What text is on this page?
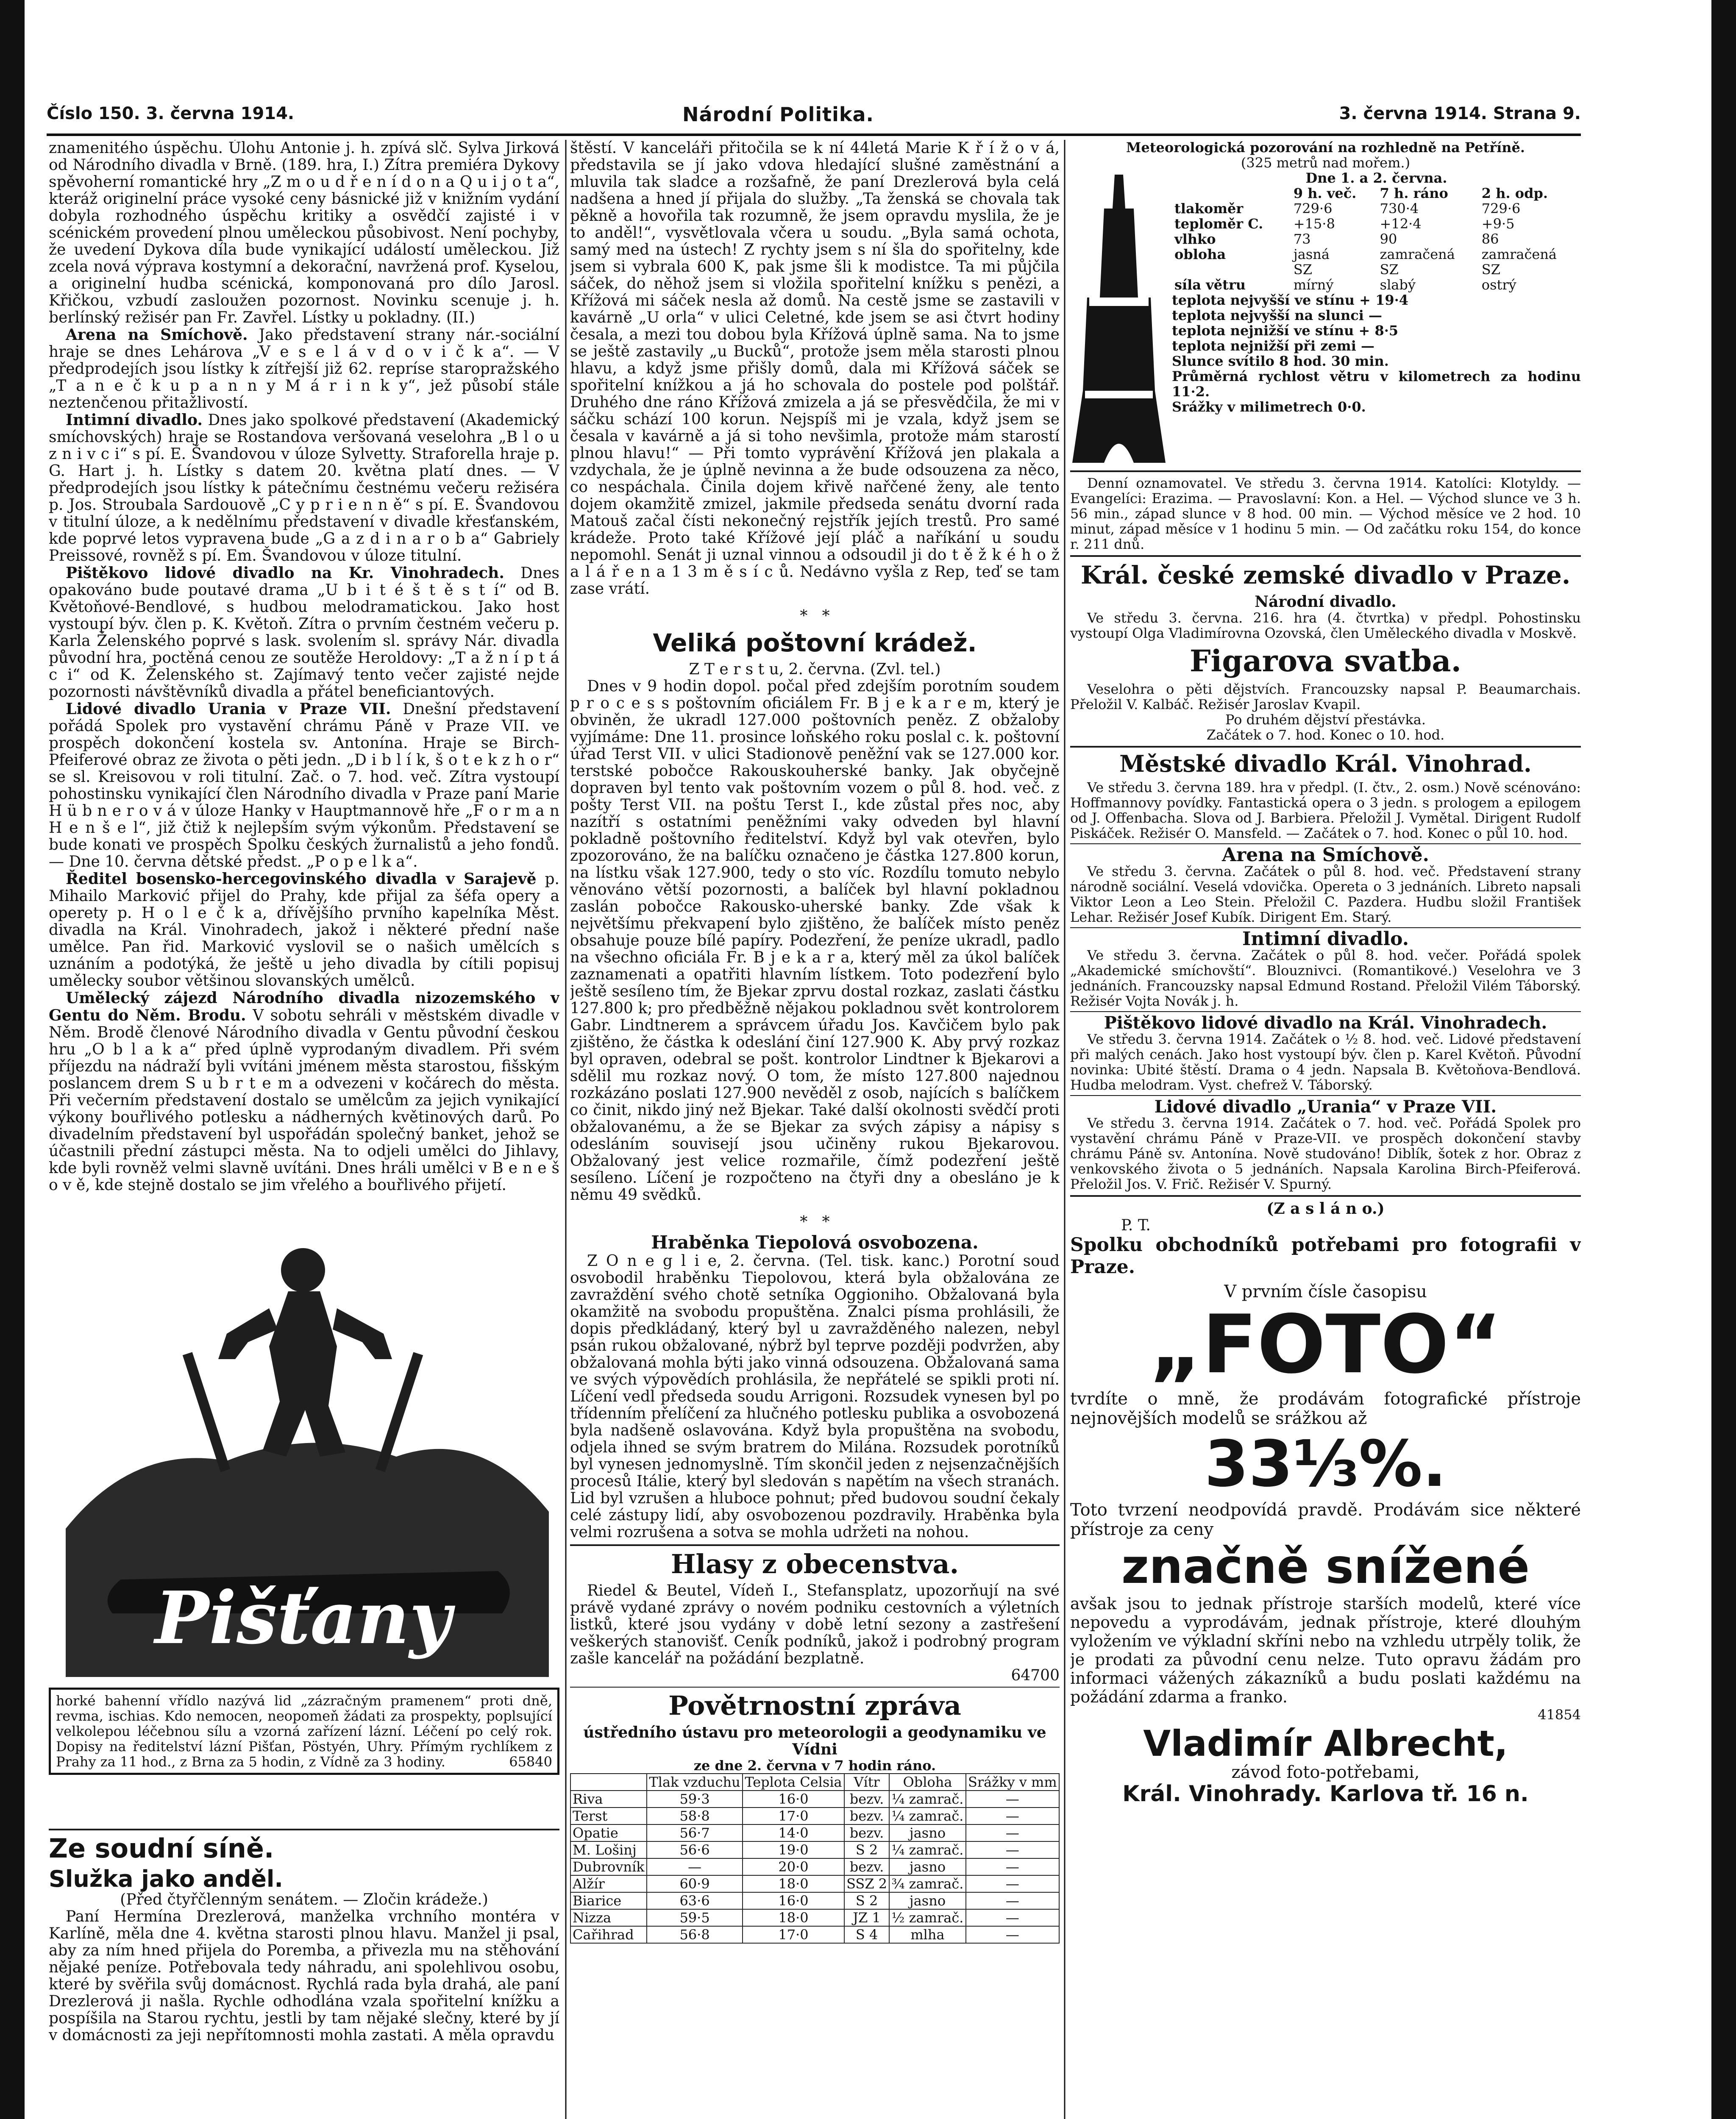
Číslo 150. 3. června 1914.	Národní Politika.	3. června 1914. Strana 9.

znamenitého úspěchu. Úlohu Antonie j. h. zpívá slč. Sylva Jirková od Národního divadla v Brně. (189. hra, I.) Zítra premiéra Dykovy spěvoherní romantické hry „Z m o u d ř e n í d o n a Q u i j o t a“, kteráž originelní práce vysoké ceny básnické již v knižním vydání dobyla rozhodného úspěchu kritiky a osvědčí zajisté i v scénickém provedení plnou uměleckou působivost. Není pochyby, že uvedení Dykova díla bude vynikající událostí uměleckou. Již zcela nová výprava kostymní a dekorační, navržená prof. Kyselou, a originelní hudba scénická, komponovaná pro dílo Jarosl. Křičkou, vzbudí zasloužen pozornost. Novinku scenuje j. h. berlínský režisér pan Fr. Zavřel. Lístky u pokladny. (II.)

Arena na Smíchově. Jako představení strany nár.-sociální hraje se dnes Lehárova „V e s e l á v d o v i č k a“. — V předprodejích jsou lístky k zítřejší již 62. repríse staropražského „T a n e č k u p a n n y M á r i n k y“, jež působí stále neztenčenou přitažlivostí.

Intimní divadlo. Dnes jako spolkové představení (Akademický smíchovských) hraje se Rostandova veršovaná veselohra „B l o u z n i v c i“ s pí. E. Švandovou v úloze Sylvetty. Straforella hraje p. G. Hart j. h. Lístky s datem 20. května platí dnes. — V předprodejích jsou lístky k pátečnímu čestnému večeru režiséra p. Jos. Stroubala Sardouově „C y p r i e n n ě“ s pí. E. Švandovou v titulní úloze, a k nedělnímu představení v divadle křesťanském, kde poprvé letos vypravena bude „G a z d i n a r o b a“ Gabriely Preissové, rovněž s pí. Em. Švandovou v úloze titulní.

Pištěkovo lidové divadlo na Kr. Vinohradech. Dnes opakováno bude poutavé drama „U b i t é š t ě s t í“ od B. Květoňové-Bendlové, s hudbou melodramatickou. Jako host vystoupí býv. člen p. K. Květoň. Zítra o prvním čestném večeru p. Karla Želenského poprvé s lask. svolením sl. správy Nár. divadla původní hra, poctěná cenou ze soutěže Heroldovy: „T a ž n í p t á c i“ od K. Želenského st. Zajímavý tento večer zajisté nejde pozornosti návštěvníků divadla a přátel beneficiantových.

Lidové divadlo Urania v Praze VII. Dnešní představení pořádá Spolek pro vystavění chrámu Páně v Praze VII. ve prospěch dokončení kostela sv. Antonína. Hraje se Birch-Pfeiferové obraz ze života o pěti jedn. „D i b l í k, š o t e k z h o r“ se sl. Kreisovou v roli titulní. Zač. o 7. hod. več. Zítra vystoupí pohostinsku vynikající člen Národního divadla v Praze paní Marie H ü b n e r o v á v úloze Hanky v Hauptmannově hře „F o r m a n H e n š e l“, již čtiž k nejlepším svým výkonům. Představení se bude konati ve prospěch Spolku českých žurnalistů a jeho fondů. — Dne 10. června dětské předst. „P o p e l k a“.

Ředitel bosensko-hercegovinského divadla v Sarajevě p. Mihailo Marković přijel do Prahy, kde přijal za šéfa opery a operety p. H o l e č k a, dřívějšího prvního kapelníka Měst. divadla na Král. Vinohradech, jakož i některé přední naše umělce. Pan řid. Marković vyslovil se o našich umělcích s uznáním a podotýká, že ještě u jeho divadla by cítili popisuj umělecky soubor většinou slovanských umělců.

Umělecký zájezd Národního divadla nizozemského v Gentu do Něm. Brodu. V sobotu sehráli v městském divadle v Něm. Brodě členové Národního divadla v Gentu původní českou hru „O b l a k a“ před úplně vyprodaným divadlem. Při svém příjezdu na nádraží byli vvítáni jménem města starostou, fišským poslancem drem S u b r t e m a odvezeni v kočárech do města. Při večerním představení dostalo se umělcům za jejich vynikající výkony bouřlivého potlesku a nádherných květinových darů. Po divadelním představení byl uspořádán společný banket, jehož se účastnili přední zástupci města. Na to odjeli umělci do Jihlavy, kde byli rovněž velmi slavně uvítáni. Dnes hráli umělci v B e n e š o v ě, kde stejně dostalo se jim vřelého a bouřlivého přijetí.

Pišťany
horké bahenní vřídlo nazývá lid „zázračným pramenem“ proti dně, revma, ischias. Kdo nemocen, neopomeň žádati za prospekty, poplsující velkolepou léčebnou sílu a vzorná zařízení lázní. Léčení po celý rok. Dopisy na ředitelství lázní Pišťan, Pöstyén, Uhry. Přímým rychlíkem z Prahy za 11 hod., z Brna za 5 hodin, z Vídně za 3 hodiny.	65840
Ze soudní síně.
Služka jako anděl.

(Před čtyřčlenným senátem. — Zločin krádeže.)

Paní Hermína Drezlerová, manželka vrchního montéra v Karlíně, měla dne 4. května starosti plnou hlavu. Manžel ji psal, aby za ním hned přijela do Poremba, a přivezla mu na stěhování nějaké peníze. Potřebovala tedy náhradu, ani spolehlivou osobu, které by svěřila svůj domácnost. Rychlá rada byla drahá, ale paní Drezlerová ji našla. Rychle odhodlána vzala spořitelní knížku a pospíšila na Starou rychtu, jestli by tam nějaké slečny, které by jí v domácnosti za jeji nepřítomnosti mohla zastati. A měla opravdu

štěstí. V kanceláři přitočila se k ní 44letá Marie K ř í ž o v á, představila se jí jako vdova hledající slušné zaměstnání a mluvila tak sladce a rozšafně, že paní Drezlerová byla celá nadšena a hned jí přijala do služby. „Ta ženská se chovala tak pěkně a hovořila tak rozumně, že jsem opravdu myslila, že je to anděl!“, vysvětlovala včera u soudu. „Byla samá ochota, samý med na ústech! Z rychty jsem s ní šla do spořitelny, kde jsem si vybrala 600 K, pak jsme šli k modistce. Ta mi půjčila sáček, do něhož jsem si vložila spořitelní knížku s penězi, a Křížová mi sáček nesla až domů. Na cestě jsme se zastavili v kavárně „U orla“ v ulici Celetné, kde jsem se asi čtvrt hodiny česala, a mezi tou dobou byla Křížová úplně sama. Na to jsme se ještě zastavily „u Bucků“, protože jsem měla starosti plnou hlavu, a když jsme přišly domů, dala mi Křížová sáček se spořitelní knížkou a já ho schovala do postele pod polštář. Druhého dne ráno Křížová zmizela a já se přesvědčila, že mi v sáčku schází 100 korun. Nejspíš mi je vzala, když jsem se česala v kavárně a já si toho nevšimla, protože mám starostí plnou hlavu!“ — Při tomto vyprávění Křížová jen plakala a vzdychala, že je úplně nevinna a že bude odsouzena za něco, co nespáchala. Činila dojem křivě nařčené ženy, ale tento dojem okamžitě zmizel, jakmile předseda senátu dvorní rada Matouš začal čísti nekonečný rejstřík jejích trestů. Pro samé krádeže. Proto také Křížové její pláč a naříkání u soudu nepomohl. Senát ji uznal vinnou a odsoudil ji do t ě ž k é h o ž a l á ř e n a 1 3 m ě s í c ů. Nedávno vyšla z Rep, teď se tam zase vrátí.

*   *
Veliká poštovní krádež.

Z T e r s t u, 2. června. (Zvl. tel.)

Dnes v 9 hodin dopol. počal před zdejším porotním soudem p r o c e s s poštovním oficiálem Fr. B j e k a r e m, který je obviněn, že ukradl 127.000 poštovních peněz. Z obžaloby vyjímáme: Dne 11. prosince loňského roku poslal c. k. poštovní úřad Terst VII. v ulici Stadionově peněžní vak se 127.000 kor. terstské pobočce Rakouskouherské banky. Jak obyčejně dopraven byl tento vak poštovním vozem o půl 8. hod. več. z pošty Terst VII. na poštu Terst I., kde zůstal přes noc, aby nazítří s ostatními peněžními vaky odveden byl hlavní pokladně poštovního ředitelství. Když byl vak otevřen, bylo zpozorováno, že na balíčku označeno je částka 127.800 korun, na lístku však 127.900, tedy o sto víc. Rozdílu tomuto nebylo věnováno větší pozornosti, a balíček byl hlavní pokladnou zaslán pobočce Rakousko-uherské banky. Zde však k největšímu překvapení bylo zjištěno, že balíček místo peněz obsahuje pouze bílé papíry. Podezření, že peníze ukradl, padlo na všechno oficiála Fr. B j e k a r a, který měl za úkol balíček zaznamenati a opatřiti hlavním lístkem. Toto podezření bylo ještě sesíleno tím, že Bjekar zprvu dostal rozkaz, zaslati částku 127.800 k; pro předběžně nějakou pokladnou svět kontrolorem Gabr. Lindtnerem a správcem úřadu Jos. Kavčičem bylo pak zjištěno, že částka k odeslání činí 127.900 K. Aby prvý rozkaz byl opraven, odebral se pošt. kontrolor Lindtner k Bjekarovi a sdělil mu rozkaz nový. O tom, že místo 127.800 najednou rozkázáno poslati 127.900 nevěděl z osob, najících s balíčkem co činit, nikdo jiný než Bjekar. Také další okolnosti svědčí proti obžalovanému, a že se Bjekar za svých zápisy a nápisy s odesláním souvisejí jsou učiněny rukou Bjekarovou. Obžalovaný jest velice rozmařile, čímž podezření ještě sesíleno. Líčení je rozpočteno na čtyři dny a obesláno je k němu 49 svědků.

*   *
Hraběnka Tiepolová osvobozena.

Z O n e g l i e, 2. června. (Tel. tisk. kanc.) Porotní soud osvobodil hraběnku Tiepolovou, která byla obžalována ze zavraždění svého chotě setníka Oggioniho. Obžalovaná byla okamžitě na svobodu propuštěna. Znalci písma prohlásili, že dopis předkládaný, který byl u zavražděného nalezen, nebyl psán rukou obžalované, nýbrž byl teprve později podvržen, aby obžalovaná mohla býti jako vinná odsouzena. Obžalovaná sama ve svých výpovědích prohlásila, že nepřátelé se spikli proti ní. Líčení vedl předseda soudu Arrigoni. Rozsudek vynesen byl po třídenním přelíčení za hlučného potlesku publika a osvobozená byla nadšeně oslavována. Když byla propuštěna na svobodu, odjela ihned se svým bratrem do Milána. Rozsudek porotníků byl vynesen jednomyslně. Tím skončil jeden z nejsenzačnějších procesů Itálie, který byl sledován s napětím na všech stranách. Lid byl vzrušen a hluboce pohnut; před budovou soudní čekaly celé zástupy lidí, aby osvobozenou pozdravily. Hraběnka byla velmi rozrušena a sotva se mohla udržeti na nohou.

Hlasy z obecenstva.

Riedel & Beutel, Vídeň I., Stefansplatz, upozorňují na své právě vydané zprávy o novém podniku cestovních a výletních listků, které jsou vydány v době letní sezony a zastřešení veškerých stanovišť. Ceník podníků, jakož i podrobný program zašle kancelář na požádání bezplatně.

64700

Povětrnostní zpráva

ústředního ústavu pro meteorologii a geodynamiku ve Vídni

ze dne 2. června v 7 hodin ráno.

	Tlak vzduchu	Teplota Celsia	Vítr	Obloha	Srážky v mm
Riva	59·3	16·0	bezv.	¼ zamrač.	—
Terst	58·8	17·0	bezv.	¼ zamrač.	—
Opatie	56·7	14·0	bezv.	jasno	—
M. Lošinj	56·6	19·0	S 2	¼ zamrač.	—
Dubrovník	—	20·0	bezv.	jasno	—
Alžír	60·9	18·0	SSZ 2	¾ zamrač.	—
Biarice	63·6	16·0	S 2	jasno	—
Nizza	59·5	18·0	JZ 1	½ zamrač.	—
Cařihrad	56·8	17·0	S 4	mlha	—
Meteorologická pozorování na rozhledně na Petříně.
(325 metrů nad mořem.)
Dne 1. a 2. června.
	9 h. več.	7 h. ráno	2 h. odp.
tlakoměr	729·6	730·4	729·6
teploměr C.	+15·8	+12·4	+9·5
vlhko	73	90	86
obloha	jasná	zamračená	zamračená
	SZ	SZ	SZ
síla větru	mírný	slabý	ostrý
teplota nejvyšší ve stínu + 19·4
teplota nejvyšší na slunci —
teplota nejnižší ve stínu + 8·5
teplota nejnižší při zemi —
Slunce svítilo 8 hod. 30 min.
Průměrná rychlost větru v kilometrech za hodinu 11·2.
Srážky v milimetrech 0·0.

Denní oznamovatel. Ve středu 3. června 1914. Katolíci: Klotyldy. — Evangelíci: Erazima. — Pravoslavní: Kon. a Hel. — Východ slunce ve 3 h. 56 min., západ slunce v 8 hod. 00 min. — Východ měsíce ve 2 hod. 10 minut, západ měsíce v 1 hodinu 5 min. — Od začátku roku 154, do konce r. 211 dnů.

Král. české zemské divadlo v Praze.
Národní divadlo.

Ve středu 3. června. 216. hra (4. čtvrtka) v předpl. Pohostinsku vystoupí Olga Vladimírovna Ozovská, člen Uměleckého divadla v Moskvě.

Figarova svatba.

Veselohra o pěti dějstvích. Francouzsky napsal P. Beaumarchais. Přeložil V. Kalbáč. Režisér Jaroslav Kvapil.

Po druhém dějství přestávka.

Začátek o 7. hod. Konec o 10. hod.

Městské divadlo Král. Vinohrad.

Ve středu 3. června 189. hra v předpl. (I. čtv., 2. osm.) Nově scénováno: Hoffmannovy povídky. Fantastická opera o 3 jedn. s prologem a epilogem od J. Offenbacha. Slova od J. Barbiera. Přeložil J. Vymětal. Dirigent Rudolf Piskáček. Režisér O. Mansfeld. — Začátek o 7. hod. Konec o půl 10. hod.

Arena na Smíchově.

Ve středu 3. června. Začátek o půl 8. hod. več. Představení strany národně sociální. Veselá vdovička. Opereta o 3 jednáních. Libreto napsali Viktor Leon a Leo Stein. Přeložil C. Pazdera. Hudbu složil František Lehar. Režisér Josef Kubík. Dirigent Em. Starý.

Intimní divadlo.

Ve středu 3. června. Začátek o půl 8. hod. večer. Pořádá spolek „Akademické smíchovští“. Blouznivci. (Romantikové.) Veselohra ve 3 jednáních. Francouzsky napsal Edmund Rostand. Přeložil Vilém Táborský. Režisér Vojta Novák j. h.

Pištěkovo lidové divadlo na Král. Vinohradech.

Ve středu 3. června 1914. Začátek o ½ 8. hod. več. Lidové představení při malých cenách. Jako host vystoupí býv. člen p. Karel Květoň. Původní novinka: Ubité štěstí. Drama o 4 jedn. Napsala B. Květoňova-Bendlová. Hudba melodram. Vyst. chefrež V. Táborský.

Lidové divadlo „Urania“ v Praze VII.

Ve středu 3. června 1914. Začátek o 7. hod. več. Pořádá Spolek pro vystavění chrámu Páně v Praze-VII. ve prospěch dokončení stavby chrámu Páně sv. Antonína. Nově studováno! Diblík, šotek z hor. Obraz z venkovského života o 5 jednáních. Napsala Karolina Birch-Pfeiferová. Přeložil Jos. V. Frič. Režisér V. Spurný.

(Z a s l á n o.)
P. T.
Spolku obchodníků potřebami pro fotografii v Praze.
V prvním čísle časopisu
„FOTO“

tvrdíte o mně, že prodávám fotografické přístroje nejnovějších modelů se srážkou až

33⅓%.

Toto tvrzení neodpovídá pravdě. Prodávám sice některé přístroje za ceny

značně snížené

avšak jsou to jednak přístroje starších modelů, které více nepovedu a vyprodávám, jednak přístroje, které dlouhým vyložením ve výkladní skříni nebo na vzhledu utrpěly tolik, že je prodati za původní cenu nelze. Tuto opravu žádám pro informaci vážených zákazníků a budu poslati každému na požádání zdarma a franko.

41854
Vladimír Albrecht,
závod foto-potřebami,
Král. Vinohrady. Karlova tř. 16 n.
